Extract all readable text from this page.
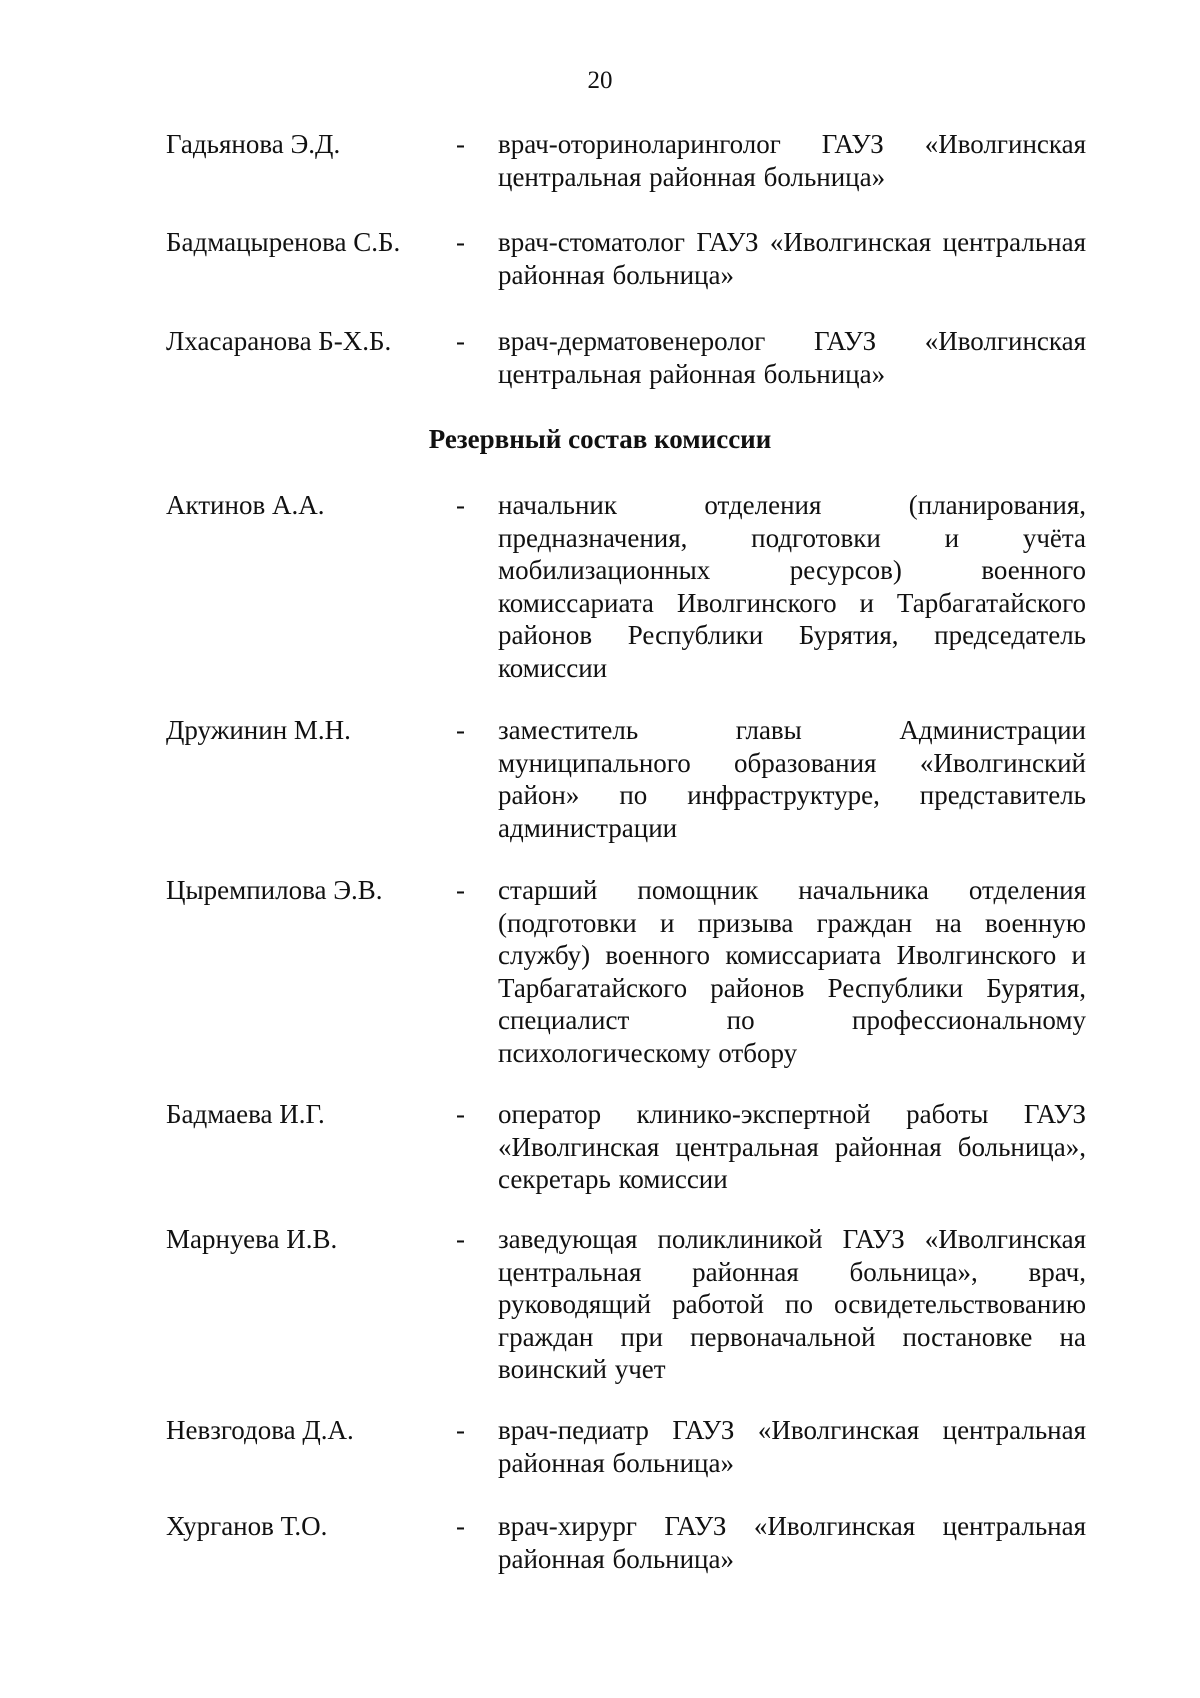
20
Гадьянова Э.Д.	- врач-оториноларинголог ГАУЗ «Иволгинская центральная районная больница»
Бадмацыренова С.Б. - врач-стоматолог ГАУЗ «Иволгинская центральная районная больница»
Лхасаранова Б-Х.Б. - врач-дерматовенеролог ГАУЗ «Иволгинская центральная районная больница»
Резервный состав комиссии
Актинов А.А.	- начальник отделения (планирования, предназначения, подготовки и учёта мобилизационных ресурсов) военного комиссариата Иволгинского и Тарбагатайского районов Республики Бурятия, председатель комиссии
Дружинин М.Н.	- заместитель главы Администрации муниципального образования «Иволгинский район» по инфраструктуре, представитель администрации
Цыремпилова Э.В.	- старший помощник начальника отделения (подготовки и призыва граждан на военную службу) военного комиссариата Иволгинского и Тарбагатайского районов Республики Бурятия, специалист по профессиональному психологическому отбору
Бадмаева И.Г.	- оператор клинико-экспертной работы ГАУЗ «Иволгинская центральная районная больница», секретарь комиссии
Марнуева И.В.	- заведующая поликлиникой ГАУЗ «Иволгинская центральная районная больница», врач, руководящий работой по освидетельствованию граждан при первоначальной постановке на воинский учет
Невзгодова Д.А.	- врач-педиатр ГАУЗ «Иволгинская центральная районная больница»
Хурганов Т.О.	- врач-хирург ГАУЗ «Иволгинская центральная районная больница»
